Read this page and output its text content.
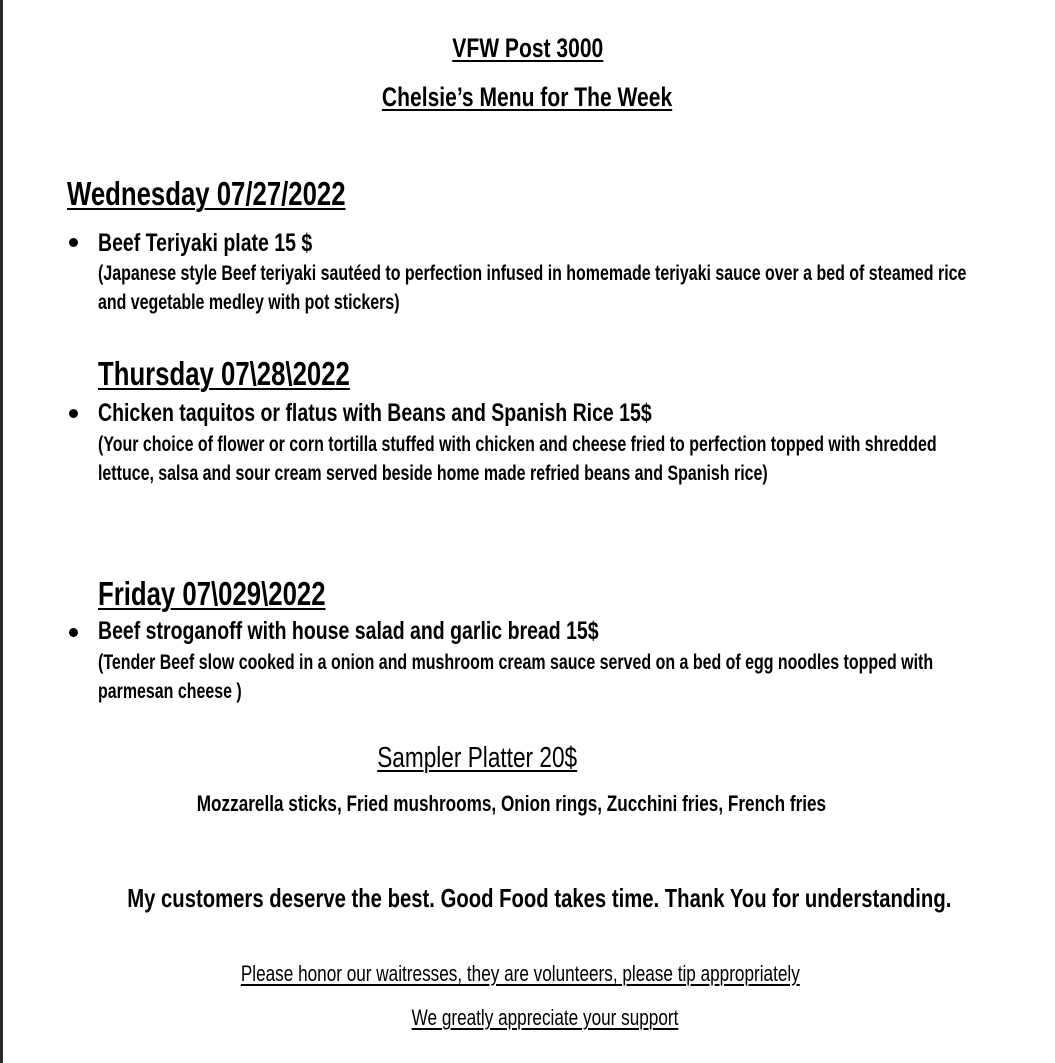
VFW Post 3000
Chelsie’s Menu for The Week
Wednesday 07/27/2022
Beef Teriyaki plate 15 $
(Japanese style Beef teriyaki sautéed to perfection infused in homemade teriyaki sauce over a bed of steamed rice and vegetable medley with pot stickers)
Thursday 07\28\2022
Chicken taquitos or flatus with Beans and Spanish Rice 15$
(Your choice of flower or corn tortilla stuffed with chicken and cheese fried to perfection topped with shredded lettuce, salsa and sour cream served beside home made refried beans and Spanish rice)
Friday 07\029\2022
Beef stroganoff with house salad and garlic bread 15$
(Tender Beef slow cooked in a onion and mushroom cream sauce served on a bed of egg noodles topped with parmesan cheese )
Sampler Platter 20$
Mozzarella sticks, Fried mushrooms, Onion rings, Zucchini fries, French fries
My customers deserve the best. Good Food takes time. Thank You for understanding.
Please honor our waitresses, they are volunteers, please tip appropriately
We greatly appreciate your support
